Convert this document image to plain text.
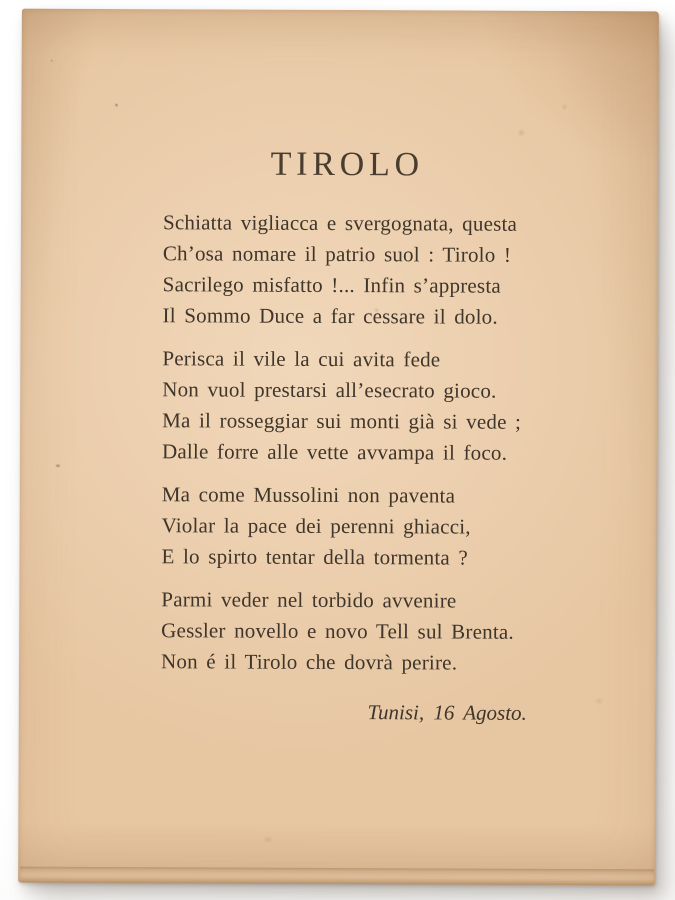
TIROLO
Schiatta vigliacca e svergognata, questa
Ch’osa nomare il patrio suol : Tirolo !
Sacrilego misfatto !... Infin s’appresta
Il Sommo Duce a far cessare il dolo.
Perisca il vile la cui avita fede
Non vuol prestarsi all’esecrato gioco.
Ma il rosseggiar sui monti già si vede ;
Dalle forre alle vette avvampa il foco.
Ma come Mussolini non paventa
Violar la pace dei perenni ghiacci,
E lo spirto tentar della tormenta ?
Parmi veder nel torbido avvenire
Gessler novello e novo Tell sul Brenta.
Non é il Tirolo che dovrà perire.
Tunisi, 16 Agosto.
